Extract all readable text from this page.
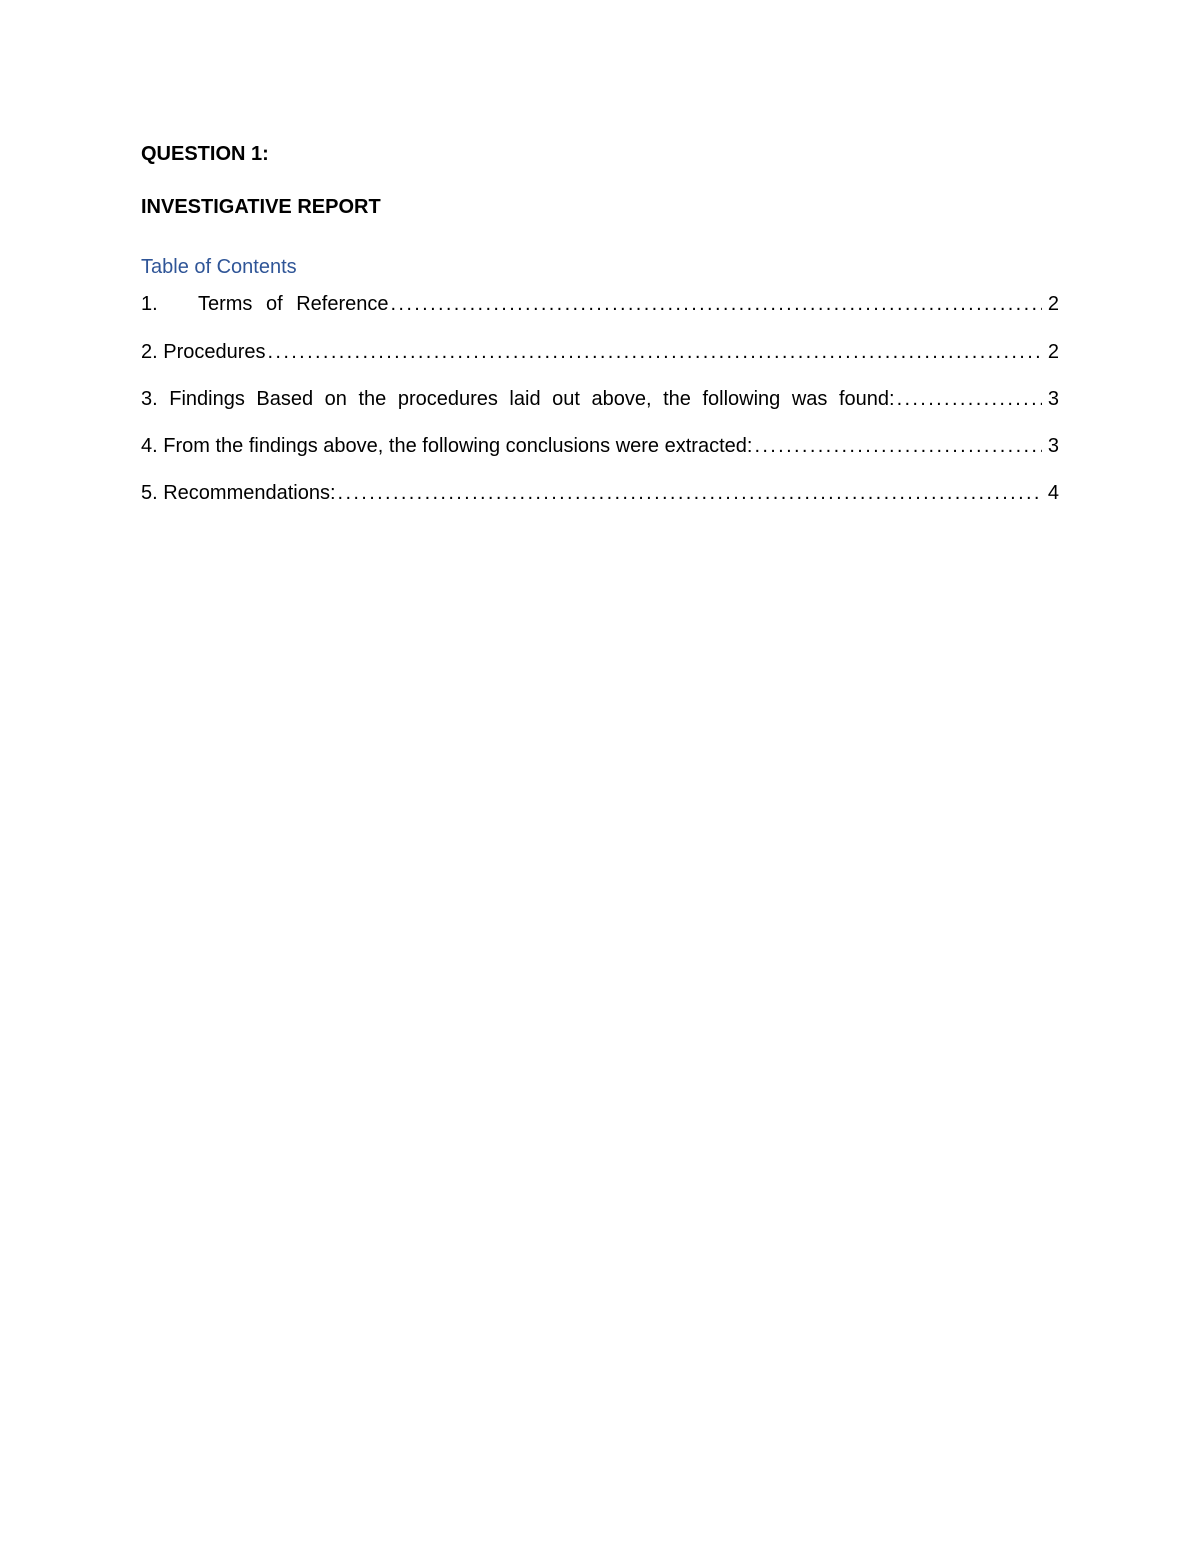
QUESTION 1:
INVESTIGATIVE REPORT
Table of Contents
1.   Terms of Reference . . .	2
2. Procedures . . .	2
3. Findings Based on the procedures laid out above, the following was found: . . .	3
4. From the findings above, the following conclusions were extracted: . . .	3
5. Recommendations: . . .	4
